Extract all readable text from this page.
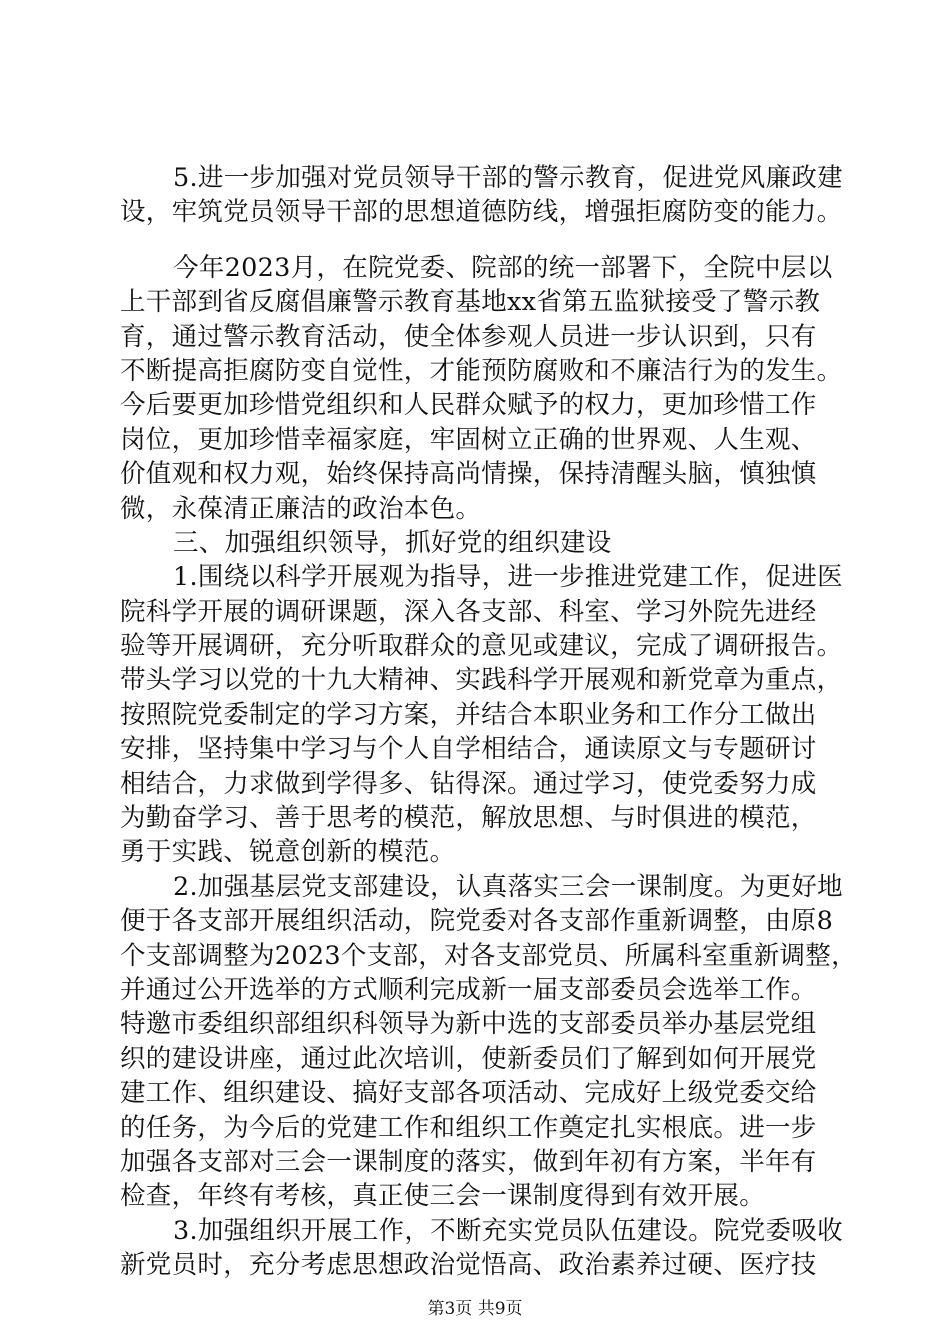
5.进一步加强对党员领导干部的警示教育，促进党风廉政建
设，牢筑党员领导干部的思想道德防线，增强拒腐防变的能力。
今年2023月，在院党委、院部的统一部署下，全院中层以
上干部到省反腐倡廉警示教育基地xx省第五监狱接受了警示教
育，通过警示教育活动，使全体参观人员进一步认识到，只有
不断提高拒腐防变自觉性，才能预防腐败和不廉洁行为的发生。
今后要更加珍惜党组织和人民群众赋予的权力，更加珍惜工作
岗位，更加珍惜幸福家庭，牢固树立正确的世界观、人生观、
价值观和权力观，始终保持高尚情操，保持清醒头脑，慎独慎
微，永葆清正廉洁的政治本色。
三、加强组织领导，抓好党的组织建设
1.围绕以科学开展观为指导，进一步推进党建工作，促进医
院科学开展的调研课题，深入各支部、科室、学习外院先进经
验等开展调研，充分听取群众的意见或建议，完成了调研报告。
带头学习以党的十九大精神、实践科学开展观和新党章为重点，
按照院党委制定的学习方案，并结合本职业务和工作分工做出
安排，坚持集中学习与个人自学相结合，通读原文与专题研讨
相结合，力求做到学得多、钻得深。通过学习，使党委努力成
为勤奋学习、善于思考的模范，解放思想、与时俱进的模范，
勇于实践、锐意创新的模范。
2.加强基层党支部建设，认真落实三会一课制度。为更好地
便于各支部开展组织活动，院党委对各支部作重新调整，由原8
个支部调整为2023个支部，对各支部党员、所属科室重新调整，
并通过公开选举的方式顺利完成新一届支部委员会选举工作。
特邀市委组织部组织科领导为新中选的支部委员举办基层党组
织的建设讲座，通过此次培训，使新委员们了解到如何开展党
建工作、组织建设、搞好支部各项活动、完成好上级党委交给
的任务，为今后的党建工作和组织工作奠定扎实根底。进一步
加强各支部对三会一课制度的落实，做到年初有方案，半年有
检查，年终有考核，真正使三会一课制度得到有效开展。
3.加强组织开展工作，不断充实党员队伍建设。院党委吸收
新党员时，充分考虑思想政治觉悟高、政治素养过硬、医疗技
第3页 共9页
